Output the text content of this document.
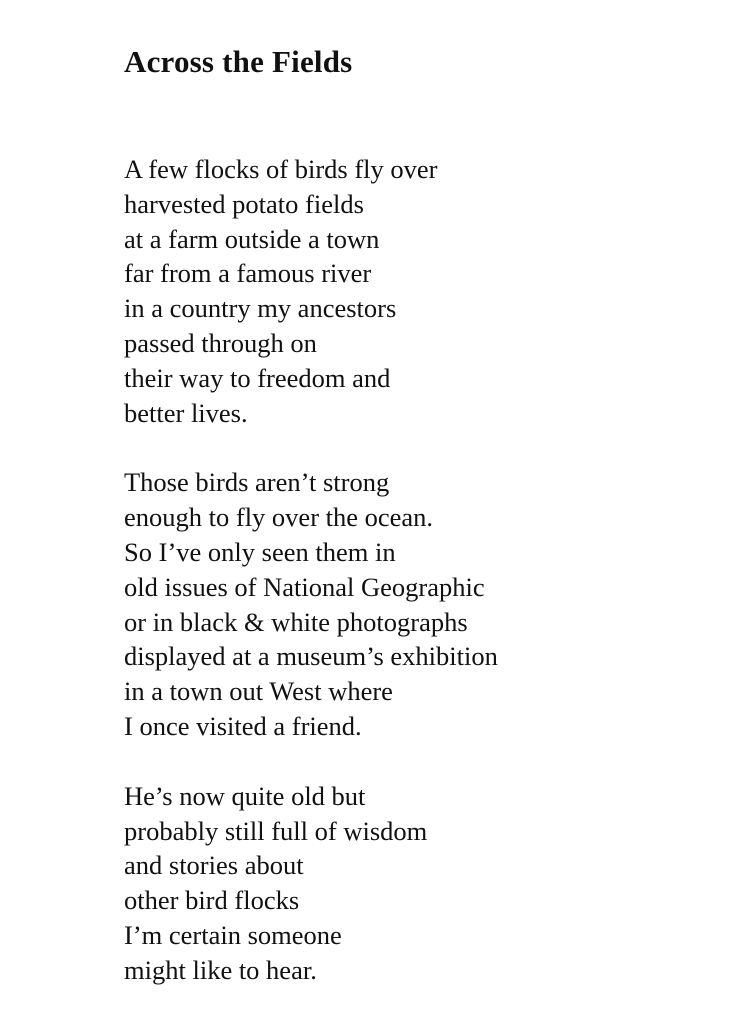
Across the Fields

A few flocks of birds fly over
harvested potato fields
at a farm outside a town
far from a famous river
in a country my ancestors
passed through on
their way to freedom and
better lives.

Those birds aren’t strong
enough to fly over the ocean.
So I’ve only seen them in
old issues of National Geographic
or in black & white photographs
displayed at a museum’s exhibition
in a town out West where
I once visited a friend.

He’s now quite old but
probably still full of wisdom
and stories about
other bird flocks
I’m certain someone
might like to hear.
